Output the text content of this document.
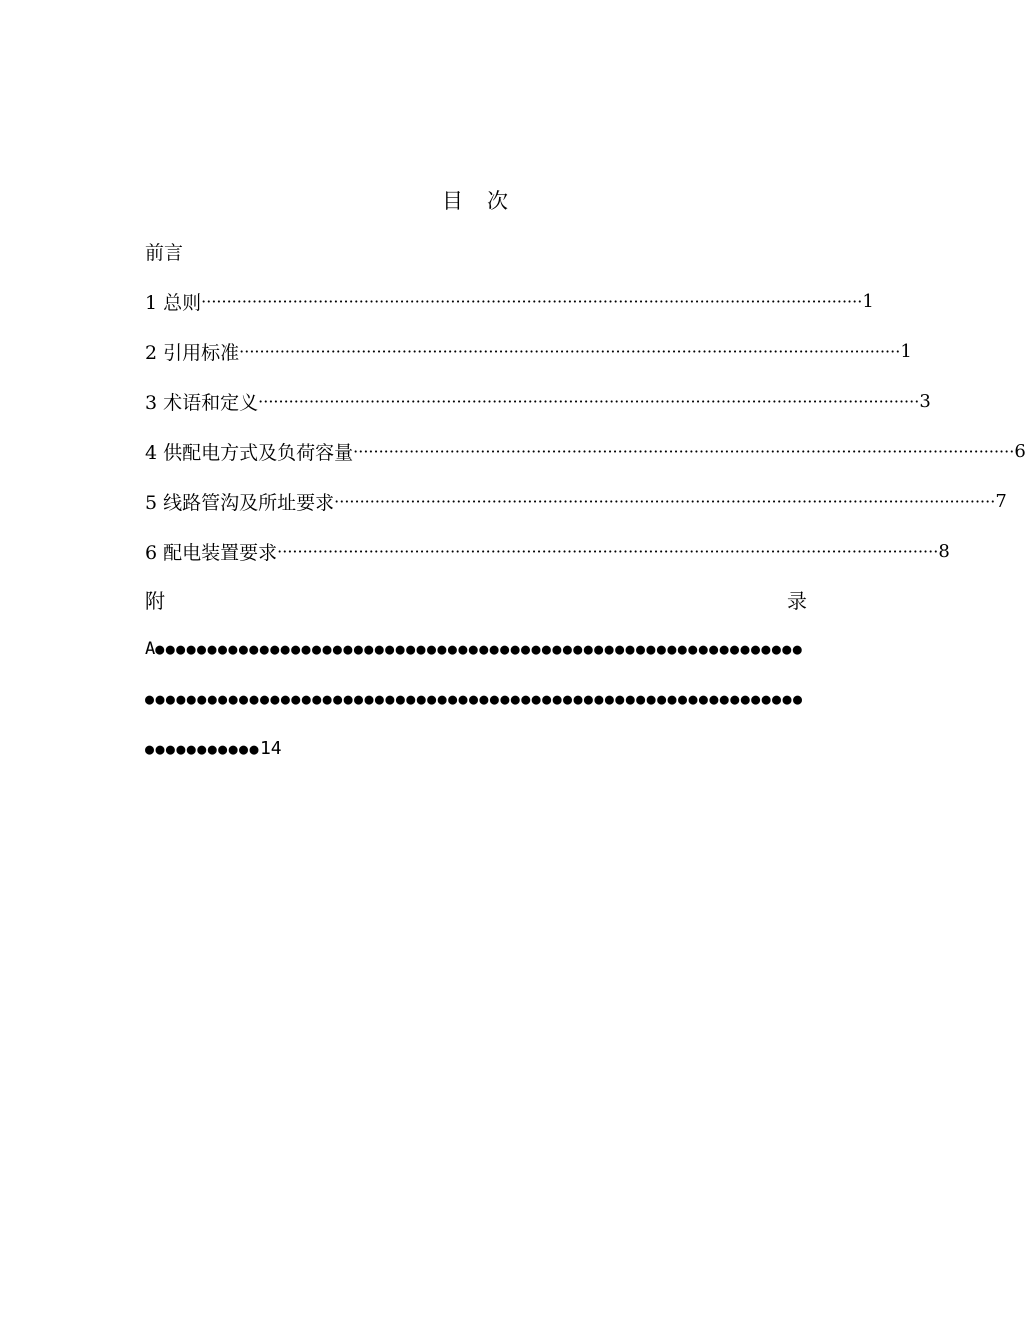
目 次
前言
1 总则 ·································································································································· 1
2 引用标准 ·································································································································· 1
3 术语和定义 ·································································································································· 3
4 供配电方式及负荷容量 ·································································································································· 6
5 线路管沟及所址要求 ·································································································································· 7
6 配电装置要求 ·································································································································· 8
附	录
A●●●●●●●●●●●●●●●●●●●●●●●●●●●●●●●●●●●●●●●●●●●●●●●●●●●●●●●●●●●●●●
●●●●●●●●●●●●●●●●●●●●●●●●●●●●●●●●●●●●●●●●●●●●●●●●●●●●●●●●●●●●●●●
●●●●●●●●●●●14
